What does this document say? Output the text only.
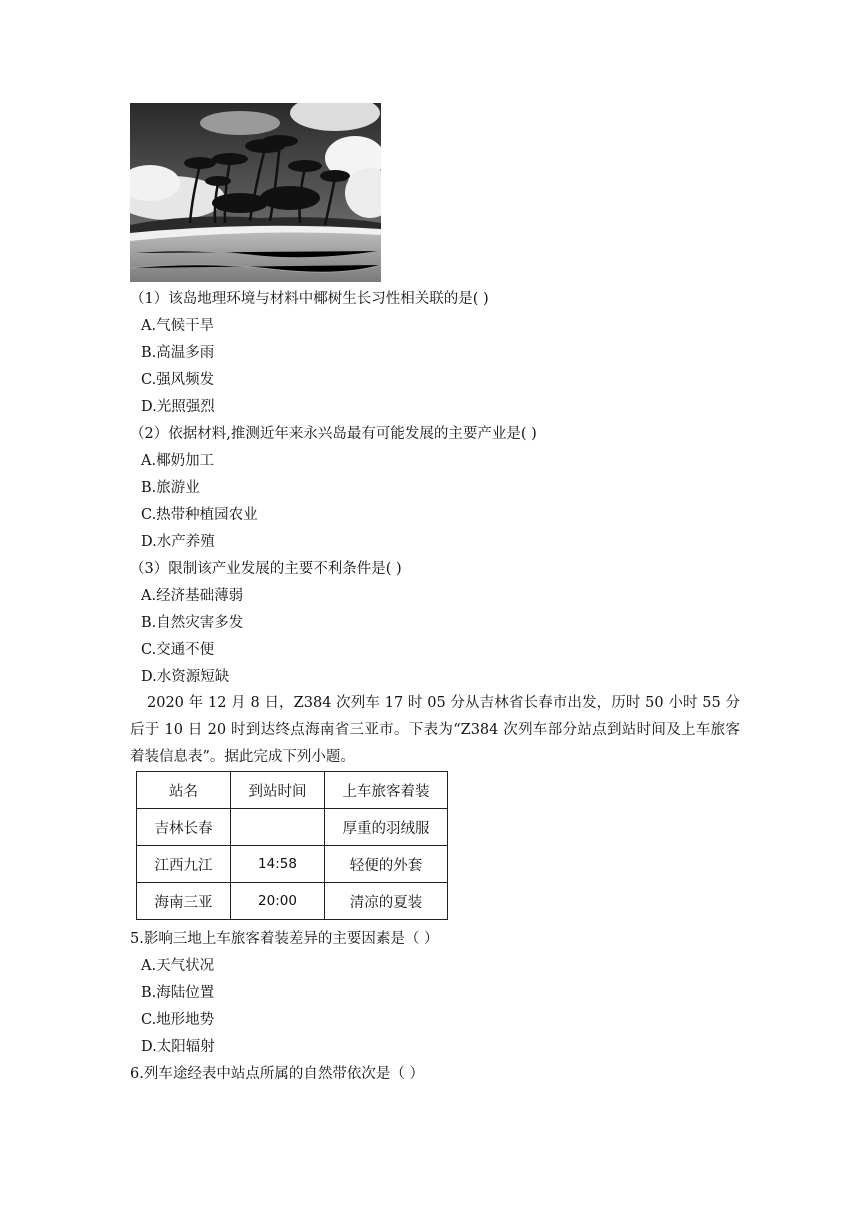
（1）该岛地理环境与材料中椰树生长习性相关联的是( )
A.气候干旱
B.高温多雨
C.强风频发
D.光照强烈
（2）依据材料,推测近年来永兴岛最有可能发展的主要产业是( )
A.椰奶加工
B.旅游业
C.热带种植园农业
D.水产养殖
（3）限制该产业发展的主要不利条件是( )
A.经济基础薄弱
B.自然灾害多发
C.交通不便
D.水资源短缺
2020 年 12 月 8 日，Z384 次列车 17 时 05 分从吉林省长春市出发，历时 50 小时 55 分后于 10 日 20 时到达终点海南省三亚市。下表为“Z384 次列车部分站点到站时间及上车旅客着装信息表”。据此完成下列小题。
站名	到站时间	上车旅客着装
吉林长春		厚重的羽绒服
江西九江	14:58	轻便的外套
海南三亚	20:00	清凉的夏装
5.影响三地上车旅客着装差异的主要因素是（ ）
A.天气状况
B.海陆位置
C.地形地势
D.太阳辐射
6.列车途经表中站点所属的自然带依次是（ ）
